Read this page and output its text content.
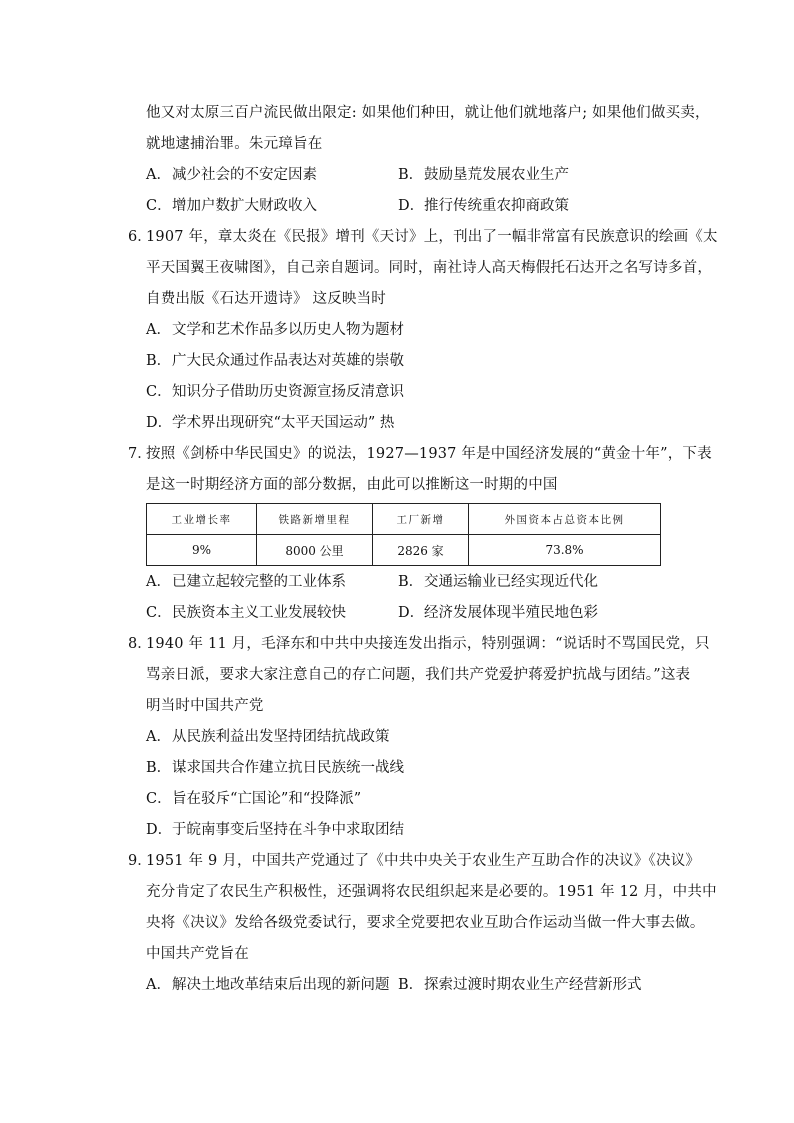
他又对太原三百户流民做出限定: 如果他们种田，就让他们就地落户; 如果他们做买卖，
就地逮捕治罪。朱元璋旨在
A．减少社会的不安定因素	B．鼓励垦荒发展农业生产
C．增加户数扩大财政收入	D．推行传统重农抑商政策
6．
1907 年，章太炎在《民报》增刊《天讨》上，刊出了一幅非常富有民族意识的绘画《太
平天国翼王夜啸图》，自己亲自题词。同时，南社诗人高天梅假托石达开之名写诗多首，
自费出版《石达开遗诗》 这反映当时
A．文学和艺术作品多以历史人物为题材
B．广大民众通过作品表达对英雄的崇敬
C．知识分子借助历史资源宣扬反清意识
D．学术界出现研究“太平天国运动” 热
7．
按照《剑桥中华民国史》的说法，1927—1937 年是中国经济发展的“黄金十年”，下表
是这一时期经济方面的部分数据，由此可以推断这一时期的中国
工业增长率	铁路新增里程	工厂新增	外国资本占总资本比例
9%	8000 公里	2826 家	73.8%
A．已建立起较完整的工业体系	B．交通运输业已经实现近代化
C．民族资本主义工业发展较快	D．经济发展体现半殖民地色彩
8．
1940 年 11 月，毛泽东和中共中央接连发出指示，特别强调：“说话时不骂国民党，只
骂亲日派，要求大家注意自己的存亡问题，我们共产党爱护蒋爱护抗战与团结。”这表
明当时中国共产党
A．从民族利益出发坚持团结抗战政策
B．谋求国共合作建立抗日民族统一战线
C．旨在驳斥“亡国论”和“投降派”
D．于皖南事变后坚持在斗争中求取团结
9．
1951 年 9 月，中国共产党通过了《中共中央关于农业生产互助合作的决议》《决议》
充分肯定了农民生产积极性，还强调将农民组织起来是必要的。1951 年 12 月，中共中
央将《决议》发给各级党委试行，要求全党要把农业互助合作运动当做一件大事去做。
中国共产党旨在
A．解决土地改革结束后出现的新问题 B．探索过渡时期农业生产经营新形式
